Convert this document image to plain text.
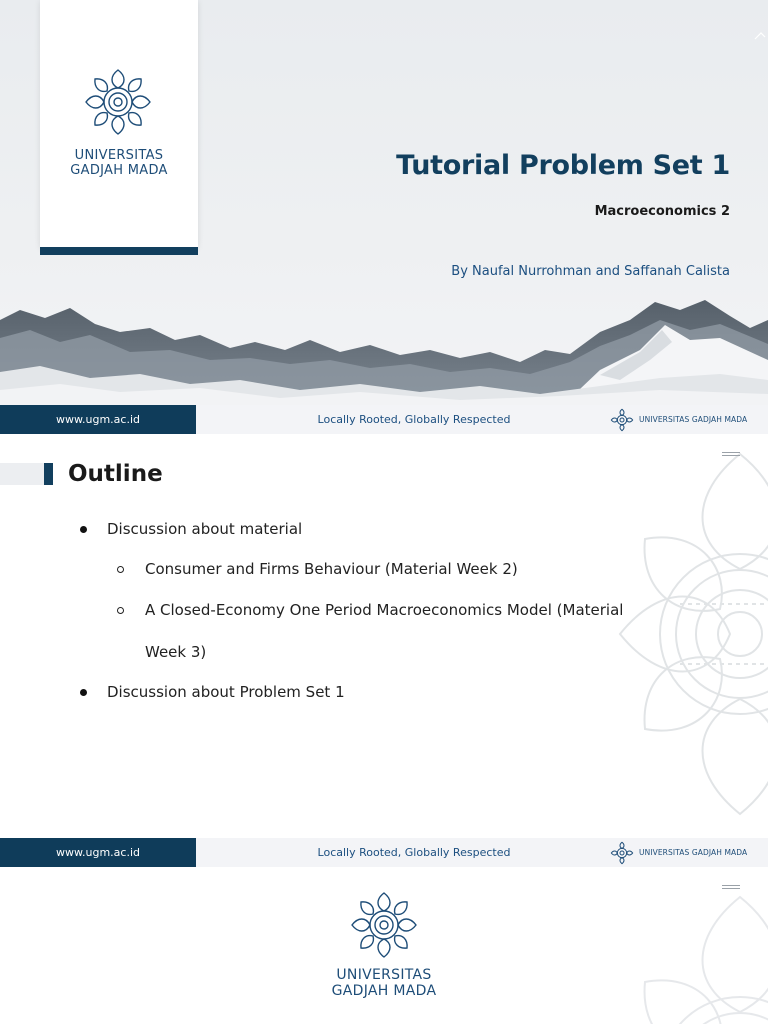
UNIVERSITAS
GADJAH MADA	Tutorial Problem Set 1
Macroeconomics 2
By Naufal Nurrohman and Saffanah Calista
www.ugm.ac.id	Locally Rooted, Globally Respected	UNIVERSITAS GADJAH MADA
Outline
Discussion about material
Consumer and Firms Behaviour (Material Week 2)
A Closed-Economy One Period Macroeconomics Model (Material
Week 3)
Discussion about Problem Set 1
www.ugm.ac.id	Locally Rooted, Globally Respected	UNIVERSITAS GADJAH MADA
UNIVERSITAS
GADJAH MADA
